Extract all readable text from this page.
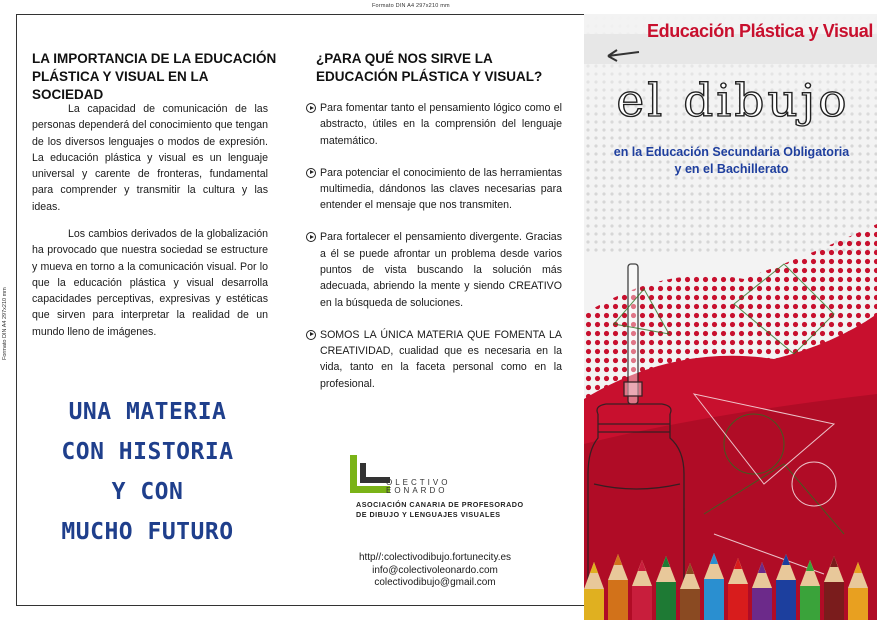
Formato DIN A4 297x210 mm
Formato DIN A4 297x210 mm
LA IMPORTANCIA DE LA EDUCACIÓN PLÁSTICA Y VISUAL EN LA SOCIEDAD

La capacidad de comunicación de las personas dependerá del conocimiento que tengan de los diversos lenguajes o modos de expresión. La educación plástica y visual es un lenguaje universal y carente de fronteras, fundamental para comprender y transmitir la cultura y las ideas.

Los cambios derivados de la globalización ha provocado que nuestra sociedad se estructure y mueva en torno a la comunicación visual. Por lo que la educación plástica y visual desarrolla capacidades perceptivas, expresivas y estéticas que sirven para interpretar la realidad de un mundo lleno de imágenes.

UNA MATERIA
CON HISTORIA
Y CON
MUCHO FUTURO
¿PARA QUÉ NOS SIRVE LA EDUCACIÓN PLÁSTICA Y VISUAL?
Para fomentar tanto el pensamiento lógico como el abstracto, útiles en la comprensión del lenguaje matemático.
Para potenciar el conocimiento de las herramientas multimedia, dándonos las claves necesarias para entender el mensaje que nos transmiten.
Para fortalecer el pensamiento divergente. Gracias a él se puede afrontar un problema desde varios puntos de vista buscando la solución más adecuada, abriendo la mente y siendo CREATIVO en la búsqueda de soluciones.
SOMOS LA ÚNICA MATERIA QUE FOMENTA LA CREATIVIDAD, cualidad que es necesaria en la vida, tanto en la faceta personal como en la profesional.
OLECTIVO
EONARDO
ASOCIACIÓN CANARIA DE PROFESORADO
DE DIBUJO Y LENGUAJES VISUALES
http//:colectivodibujo.fortunecity.es
info@colectivoleonardo.com
colectivodibujo@gmail.com
Educación Plástica y Visual
el dibujo
en la Educación Secundaria Obligatoria
y en el Bachillerato
